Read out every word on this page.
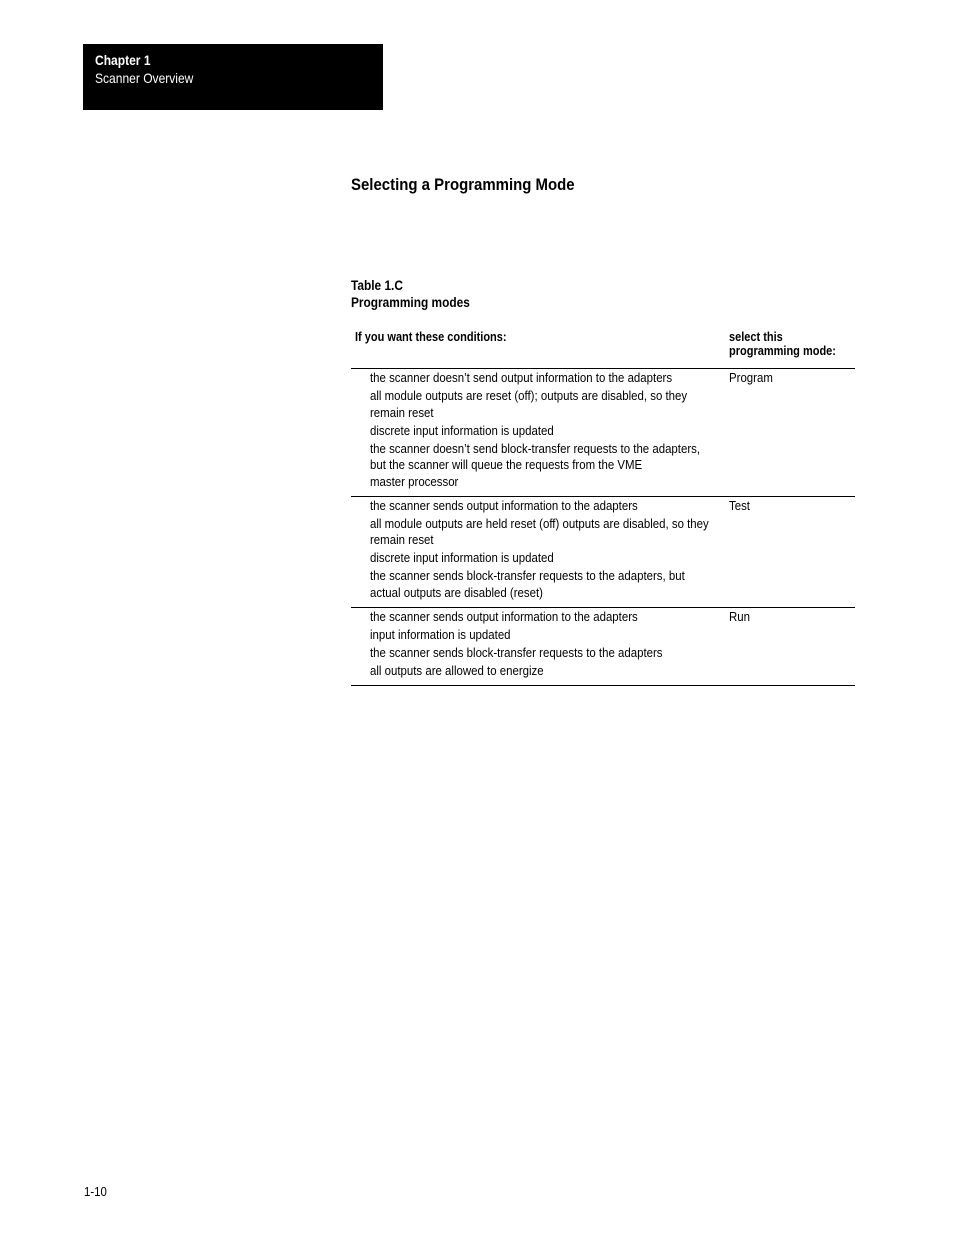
Chapter 1
Scanner Overview
Selecting a Programming Mode
Table 1.C
Programming modes
If you want these conditions:	select this
programming mode:
the scanner doesn’t send output information to the adapters
all module outputs are reset (off); outputs are disabled, so they
remain reset
discrete input information is updated
the scanner doesn’t send block-transfer requests to the adapters,
but the scanner will queue the requests from the VME
master processor
Program
the scanner sends output information to the adapters
all module outputs are held reset (off) outputs are disabled, so they
remain reset
discrete input information is updated
the scanner sends block-transfer requests to the adapters, but
actual outputs are disabled (reset)
Test
the scanner sends output information to the adapters
input information is updated
the scanner sends block-transfer requests to the adapters
all outputs are allowed to energize
Run
1-10
